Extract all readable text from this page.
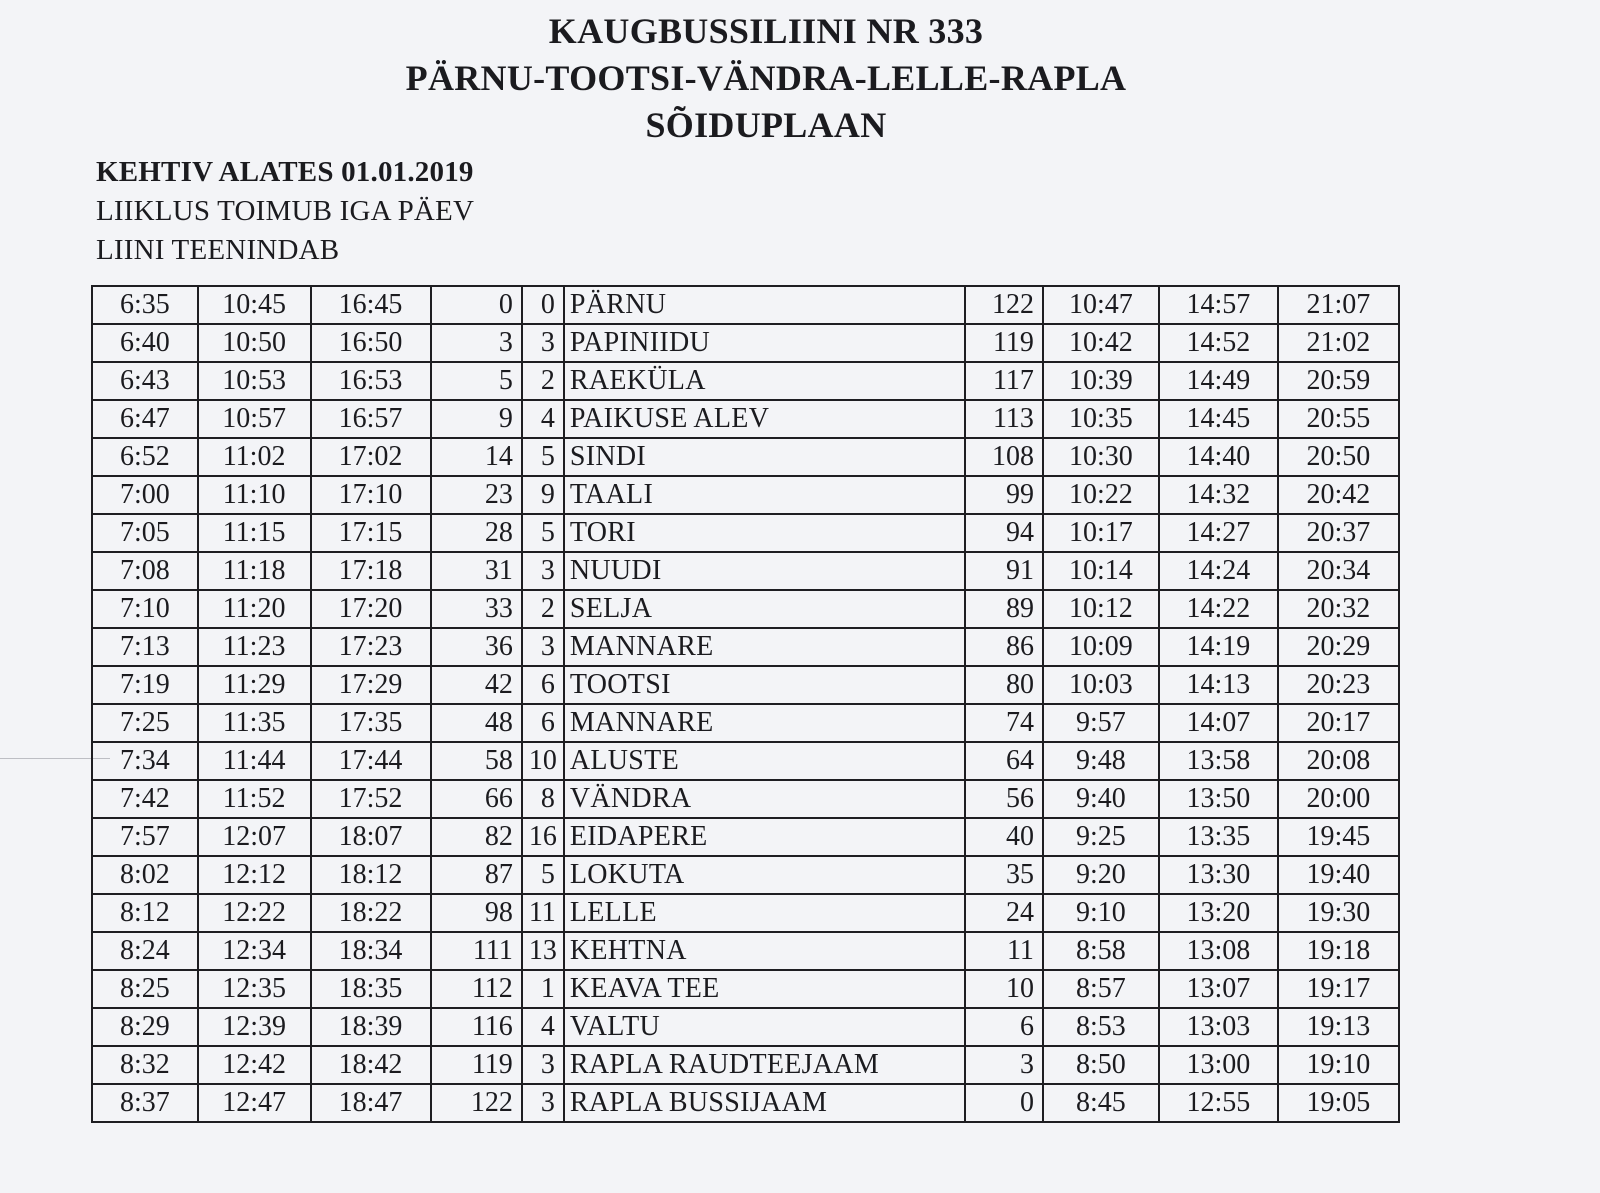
KAUGBUSSILIINI NR 333
PÄRNU-TOOTSI-VÄNDRA-LELLE-RAPLA
SÕIDUPLAAN
KEHTIV ALATES 01.01.2019
LIIKLUS TOIMUB IGA PÄEV
LIINI TEENINDAB
6:35	10:45	16:45	0	0	PÄRNU	122	10:47	14:57	21:07
6:40	10:50	16:50	3	3	PAPINIIDU	119	10:42	14:52	21:02
6:43	10:53	16:53	5	2	RAEKÜLA	117	10:39	14:49	20:59
6:47	10:57	16:57	9	4	PAIKUSE ALEV	113	10:35	14:45	20:55
6:52	11:02	17:02	14	5	SINDI	108	10:30	14:40	20:50
7:00	11:10	17:10	23	9	TAALI	99	10:22	14:32	20:42
7:05	11:15	17:15	28	5	TORI	94	10:17	14:27	20:37
7:08	11:18	17:18	31	3	NUUDI	91	10:14	14:24	20:34
7:10	11:20	17:20	33	2	SELJA	89	10:12	14:22	20:32
7:13	11:23	17:23	36	3	MANNARE	86	10:09	14:19	20:29
7:19	11:29	17:29	42	6	TOOTSI	80	10:03	14:13	20:23
7:25	11:35	17:35	48	6	MANNARE	74	9:57	14:07	20:17
7:34	11:44	17:44	58	10	ALUSTE	64	9:48	13:58	20:08
7:42	11:52	17:52	66	8	VÄNDRA	56	9:40	13:50	20:00
7:57	12:07	18:07	82	16	EIDAPERE	40	9:25	13:35	19:45
8:02	12:12	18:12	87	5	LOKUTA	35	9:20	13:30	19:40
8:12	12:22	18:22	98	11	LELLE	24	9:10	13:20	19:30
8:24	12:34	18:34	111	13	KEHTNA	11	8:58	13:08	19:18
8:25	12:35	18:35	112	1	KEAVA TEE	10	8:57	13:07	19:17
8:29	12:39	18:39	116	4	VALTU	6	8:53	13:03	19:13
8:32	12:42	18:42	119	3	RAPLA RAUDTEEJAAM	3	8:50	13:00	19:10
8:37	12:47	18:47	122	3	RAPLA BUSSIJAAM	0	8:45	12:55	19:05
